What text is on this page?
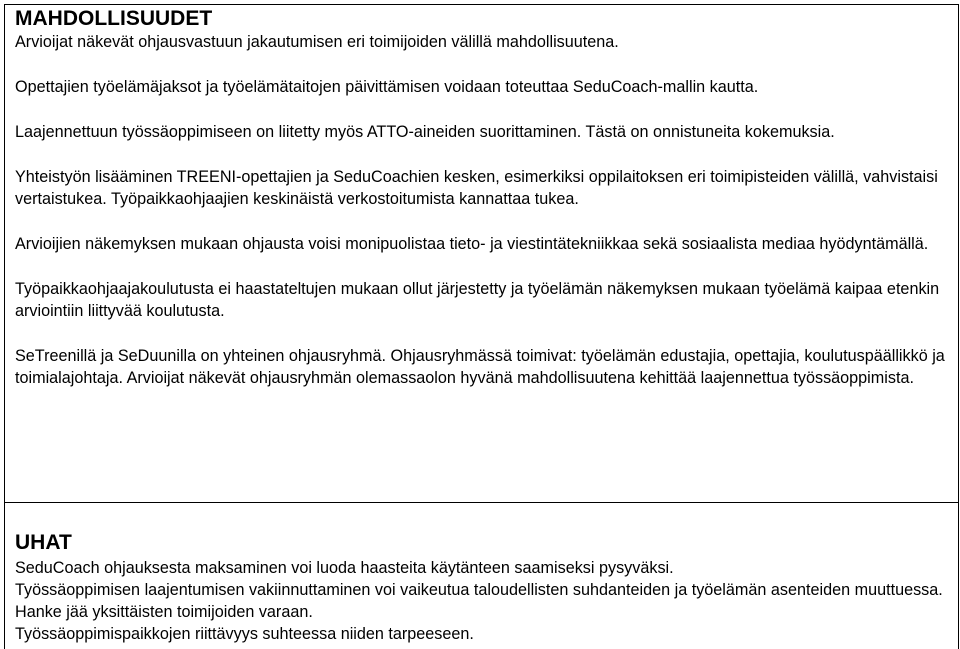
MAHDOLLISUUDET

Arvioijat näkevät ohjausvastuun jakautumisen eri toimijoiden välillä mahdollisuutena.

Opettajien työelämäjaksot ja työelämätaitojen päivittämisen voidaan toteuttaa SeduCoach-mallin kautta.

Laajennettuun työssäoppimiseen on liitetty myös ATTO-aineiden suorittaminen. Tästä on onnistuneita kokemuksia.

Yhteistyön lisääminen TREENI-opettajien ja SeduCoachien kesken, esimerkiksi oppilaitoksen eri toimipisteiden välillä, vahvistaisi vertaistukea. Työpaikkaohjaajien keskinäistä verkostoitumista kannattaa tukea.

Arvioijien näkemyksen mukaan ohjausta voisi monipuolistaa tieto- ja viestintätekniikkaa sekä sosiaalista mediaa hyödyntämällä.

Työpaikkaohjaajakoulutusta ei haastateltujen mukaan ollut järjestetty ja työelämän näkemyksen mukaan työelämä kaipaa etenkin arviointiin liittyvää koulutusta.

SeTreenillä ja SeDuunilla on yhteinen ohjausryhmä. Ohjausryhmässä toimivat: työelämän edustajia, opettajia, koulutuspäällikkö ja toimialajohtaja. Arvioijat näkevät ohjausryhmän olemassaolon hyvänä mahdollisuutena kehittää laajennettua työssäoppimista.

UHAT

SeduCoach ohjauksesta maksaminen voi luoda haasteita käytänteen saamiseksi pysyväksi.

Työssäoppimisen laajentumisen vakiinnuttaminen voi vaikeutua taloudellisten suhdanteiden ja työelämän asenteiden muuttuessa. Hanke jää yksittäisten toimijoiden varaan.

Työssäoppimispaikkojen riittävyys suhteessa niiden tarpeeseen.
